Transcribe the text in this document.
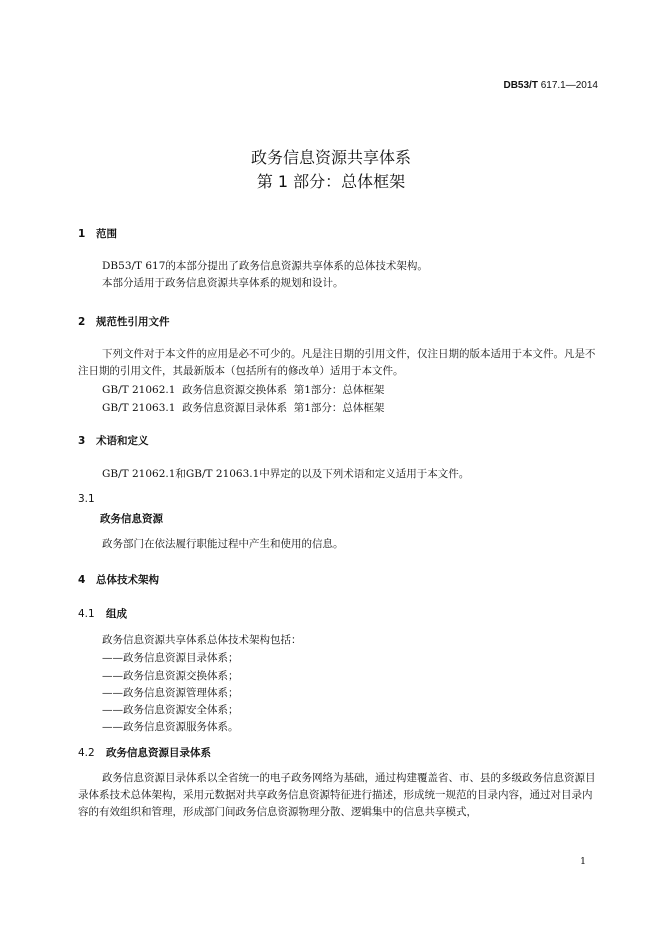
DB53/T 617.1—2014
政务信息资源共享体系
第 1 部分：总体框架
1 范围
DB53/T 617的本部分提出了政务信息资源共享体系的总体技术架构。
本部分适用于政务信息资源共享体系的规划和设计。
2 规范性引用文件
下列文件对于本文件的应用是必不可少的。凡是注日期的引用文件，仅注日期的版本适用于本文件。凡是不注日期的引用文件，其最新版本（包括所有的修改单）适用于本文件。
GB/T 21062.1  政务信息资源交换体系  第1部分：总体框架
GB/T 21063.1  政务信息资源目录体系  第1部分：总体框架
3 术语和定义
GB/T 21062.1和GB/T 21063.1中界定的以及下列术语和定义适用于本文件。
3.1
政务信息资源
政务部门在依法履行职能过程中产生和使用的信息。
4 总体技术架构
4.1 组成
政务信息资源共享体系总体技术架构包括：
——政务信息资源目录体系；
——政务信息资源交换体系；
——政务信息资源管理体系；
——政务信息资源安全体系；
——政务信息资源服务体系。
4.2 政务信息资源目录体系
政务信息资源目录体系以全省统一的电子政务网络为基础，通过构建覆盖省、市、县的多级政务信息资源目录体系技术总体架构，采用元数据对共享政务信息资源特征进行描述，形成统一规范的目录内容，通过对目录内容的有效组织和管理，形成部门间政务信息资源物理分散、逻辑集中的信息共享模式，
1
